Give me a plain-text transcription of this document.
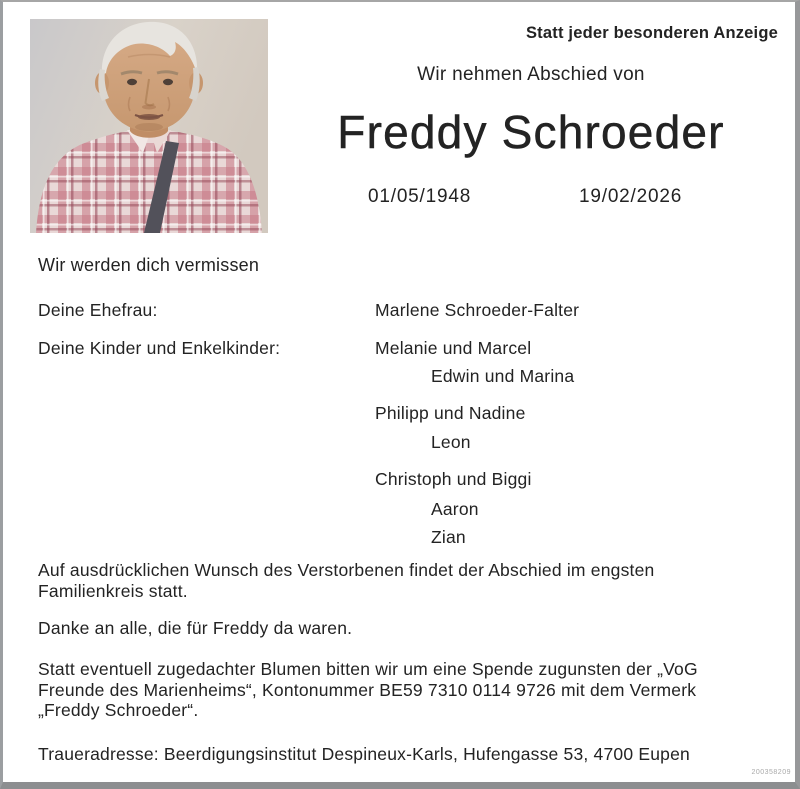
Statt jeder besonderen Anzeige
Wir nehmen Abschied von
Freddy Schroeder
01/05/1948	19/02/2026
Wir werden dich vermissen
Deine Ehefrau:	Marlene Schroeder-Falter
Deine Kinder und Enkelkinder:	Melanie und Marcel
Edwin und Marina
Philipp und Nadine
Leon
Christoph und Biggi
Aaron
Zian
Auf ausdrücklichen Wunsch des Verstorbenen findet der Abschied im engsten Familienkreis statt.
Danke an alle, die für Freddy da waren.
Statt eventuell zugedachter Blumen bitten wir um eine Spende zugunsten der „VoG Freunde des Marienheims“, Kontonummer BE59 7310 0114 9726 mit dem Vermerk „Freddy Schroeder“.
Traueradresse: Beerdigungsinstitut Despineux-Karls, Hufengasse 53, 4700 Eupen
200358209
